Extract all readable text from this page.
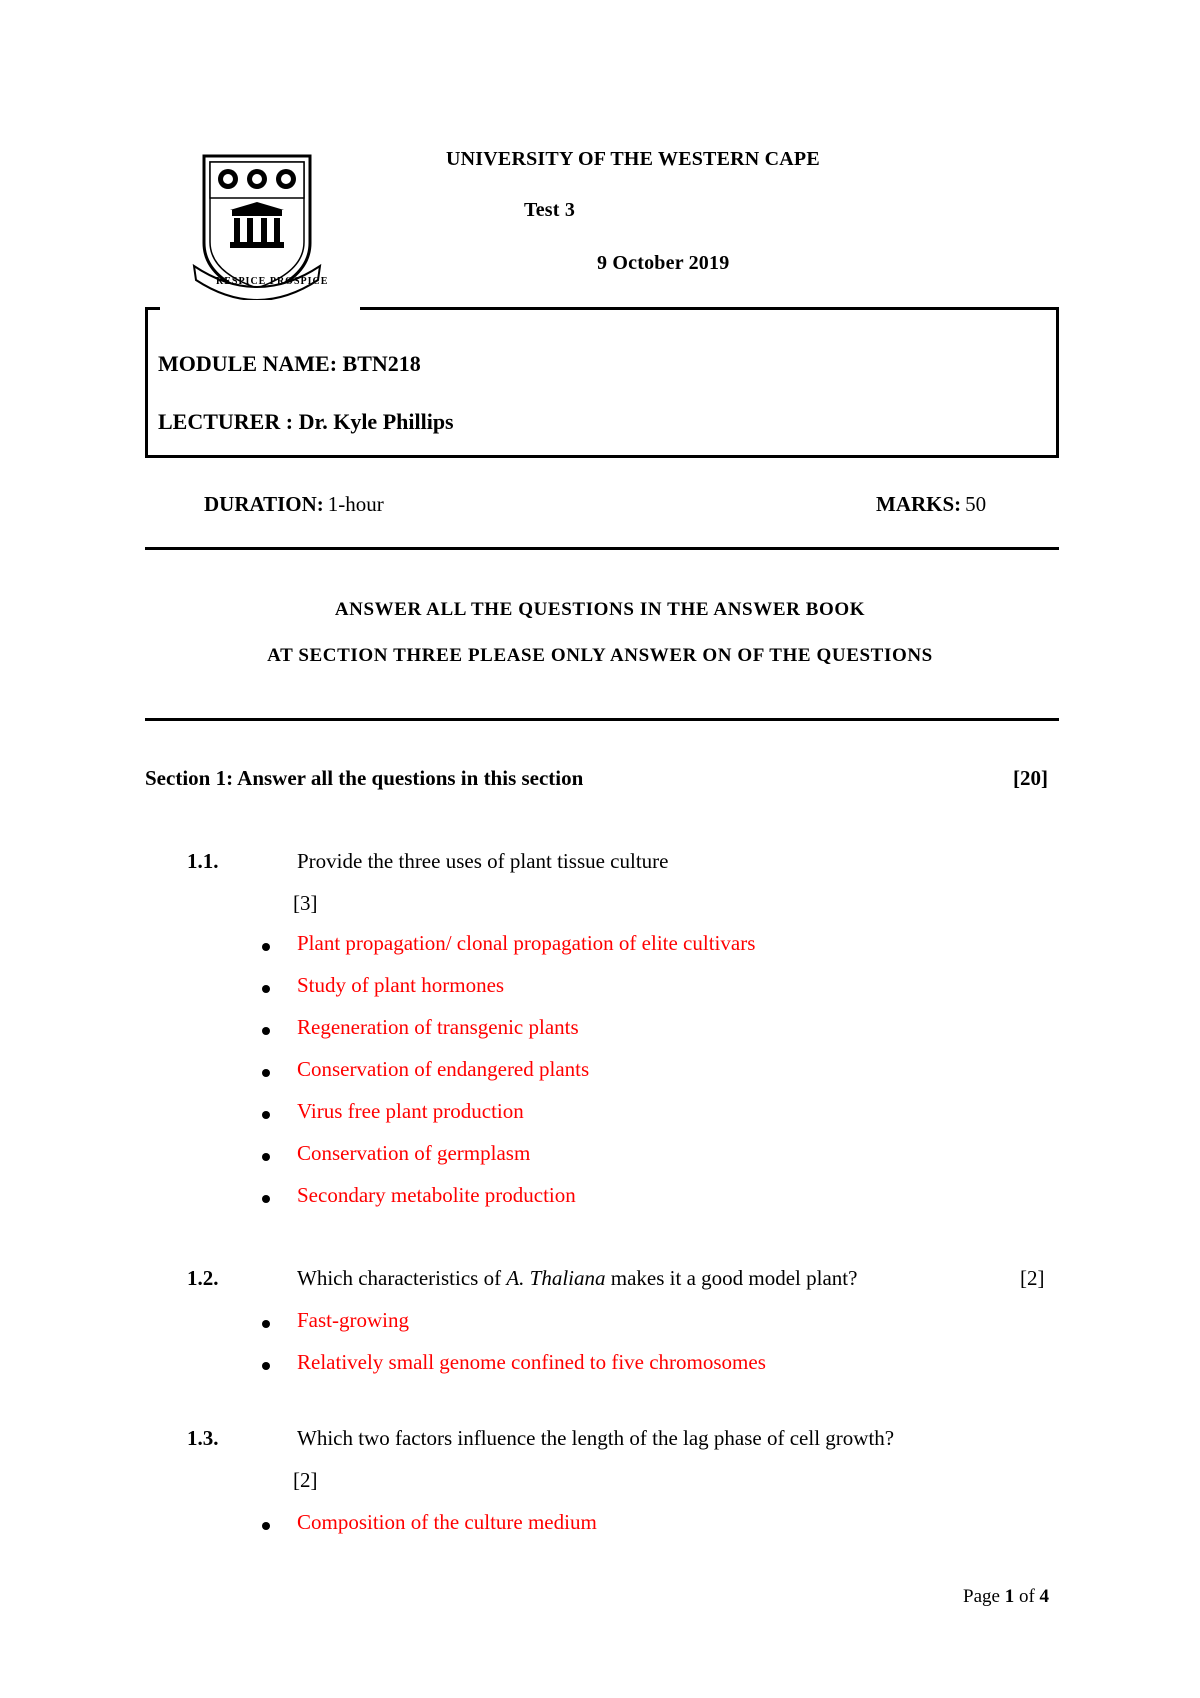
RESPICE PROSPICE
UNIVERSITY OF THE WESTERN CAPE
Test 3
9 October 2019
MODULE NAME: BTN218
LECTURER : Dr. Kyle Phillips
DURATION: 1-hour	MARKS: 50
ANSWER ALL THE QUESTIONS IN THE ANSWER BOOK
AT SECTION THREE PLEASE ONLY ANSWER ON OF THE QUESTIONS
Section 1: Answer all the questions in this section	[20]
1.1.	Provide the three uses of plant tissue culture
[3]
Plant propagation/ clonal propagation of elite cultivars
Study of plant hormones
Regeneration of transgenic plants
Conservation of endangered plants
Virus free plant production
Conservation of germplasm
Secondary metabolite production
1.2.	Which characteristics of A. Thaliana makes it a good model plant?	[2]
Fast-growing
Relatively small genome confined to five chromosomes
1.3.	Which two factors influence the length of the lag phase of cell growth?
[2]
Composition of the culture medium
Page 1 of 4
